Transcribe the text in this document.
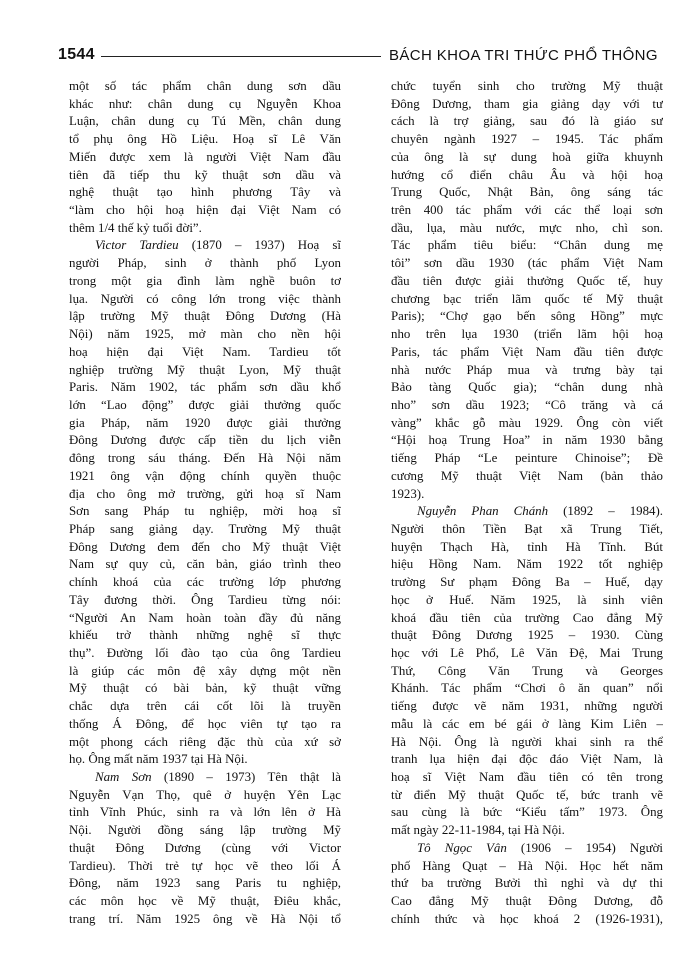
1544	BÁCH KHOA TRI THỨC PHỔ THÔNG
một số tác phẩm chân dung sơn dầu
khác như: chân dung cụ Nguyễn Khoa
Luận, chân dung cụ Tú Mền, chân dung
tổ phụ ông Hồ Liệu. Hoạ sĩ Lê Văn
Miến được xem là người Việt Nam đầu
tiên đã tiếp thu kỹ thuật sơn dầu và
nghệ thuật tạo hình phương Tây và
“làm cho hội hoạ hiện đại Việt Nam có
thêm 1/4 thế kỷ tuổi đời”.
Victor Tardieu (1870 – 1937) Hoạ sĩ
người Pháp, sinh ở thành phố Lyon
trong một gia đình làm nghề buôn tơ
lụa. Người có công lớn trong việc thành
lập trường Mỹ thuật Đông Dương (Hà
Nội) năm 1925, mở màn cho nền hội
hoạ hiện đại Việt Nam. Tardieu tốt
nghiệp trường Mỹ thuật Lyon, Mỹ thuật
Paris. Năm 1902, tác phẩm sơn dầu khổ
lớn “Lao động” được giải thưởng quốc
gia Pháp, năm 1920 được giải thưởng
Đông Dương được cấp tiền du lịch viễn
đông trong sáu tháng. Đến Hà Nội năm
1921 ông vận động chính quyền thuộc
địa cho ông mở trường, gửi hoạ sĩ Nam
Sơn sang Pháp tu nghiệp, mời hoạ sĩ
Pháp sang giảng dạy. Trường Mỹ thuật
Đông Dương đem đến cho Mỹ thuật Việt
Nam sự quy củ, căn bản, giáo trình theo
chính khoá của các trường lớp phương
Tây đương thời. Ông Tardieu từng nói:
“Người An Nam hoàn toàn đầy đủ năng
khiếu trở thành những nghệ sĩ thực
thụ”. Đường lối đào tạo của ông Tardieu
là giúp các môn đệ xây dựng một nền
Mỹ thuật có bài bản, kỹ thuật vững
chắc dựa trên cái cốt lõi là truyền
thống Á Đông, để học viên tự tạo ra
một phong cách riêng đặc thù của xứ sở
họ. Ông mất năm 1937 tại Hà Nội.
Nam Sơn (1890 – 1973) Tên thật là
Nguyễn Vạn Thọ, quê ở huyện Yên Lạc
tỉnh Vĩnh Phúc, sinh ra và lớn lên ở Hà
Nội. Người đồng sáng lập trường Mỹ
thuật Đông Dương (cùng với Victor
Tardieu). Thời trẻ tự học vẽ theo lối Á
Đông, năm 1923 sang Paris tu nghiệp,
các môn học về Mỹ thuật, Điêu khắc,
trang trí. Năm 1925 ông về Hà Nội tổ
chức tuyển sinh cho trường Mỹ thuật
Đông Dương, tham gia giảng dạy với tư
cách là trợ giảng, sau đó là giáo sư
chuyên ngành 1927 – 1945. Tác phẩm
của ông là sự dung hoà giữa khuynh
hướng cổ điển châu Âu và hội hoạ
Trung Quốc, Nhật Bản, ông sáng tác
trên 400 tác phẩm với các thể loại sơn
dầu, lụa, màu nước, mực nho, chì son.
Tác phẩm tiêu biểu: “Chân dung mẹ
tôi” sơn dầu 1930 (tác phẩm Việt Nam
đầu tiên được giải thưởng Quốc tế, huy
chương bạc triển lãm quốc tế Mỹ thuật
Paris); “Chợ gạo bến sông Hồng” mực
nho trên lụa 1930 (triển lãm hội hoạ
Paris, tác phẩm Việt Nam đầu tiên được
nhà nước Pháp mua và trưng bày tại
Bảo tàng Quốc gia); “chân dung nhà
nho” sơn dầu 1923; “Cô trăng và cá
vàng” khắc gỗ màu 1929. Ông còn viết
“Hội hoạ Trung Hoa” in năm 1930 bằng
tiếng Pháp “Le peinture Chinoise”; Đề
cương Mỹ thuật Việt Nam (bản thảo
1923).
Nguyễn Phan Chánh (1892 – 1984).
Người thôn Tiền Bạt xã Trung Tiết,
huyện Thạch Hà, tỉnh Hà Tĩnh. Bút
hiệu Hồng Nam. Năm 1922 tốt nghiệp
trường Sư phạm Đông Ba – Huế, dạy
học ở Huế. Năm 1925, là sinh viên
khoá đầu tiên của trường Cao đẳng Mỹ
thuật Đông Dương 1925 – 1930. Cùng
học với Lê Phổ, Lê Văn Đệ, Mai Trung
Thứ, Công Văn Trung và Georges
Khánh. Tác phẩm “Chơi ô ăn quan” nổi
tiếng được vẽ năm 1931, những người
mẫu là các em bé gái ở làng Kim Liên –
Hà Nội. Ông là người khai sinh ra thể
tranh lụa hiện đại độc đáo Việt Nam, là
hoạ sĩ Việt Nam đầu tiên có tên trong
từ điển Mỹ thuật Quốc tế, bức tranh vẽ
sau cùng là bức “Kiểu tấm” 1973. Ông
mất ngày 22-11-1984, tại Hà Nội.
Tô Ngọc Vân (1906 – 1954) Người
phố Hàng Quạt – Hà Nội. Học hết năm
thứ ba trường Bưởi thì nghỉ và dự thi
Cao đẳng Mỹ thuật Đông Dương, đỗ
chính thức và học khoá 2 (1926-1931),
